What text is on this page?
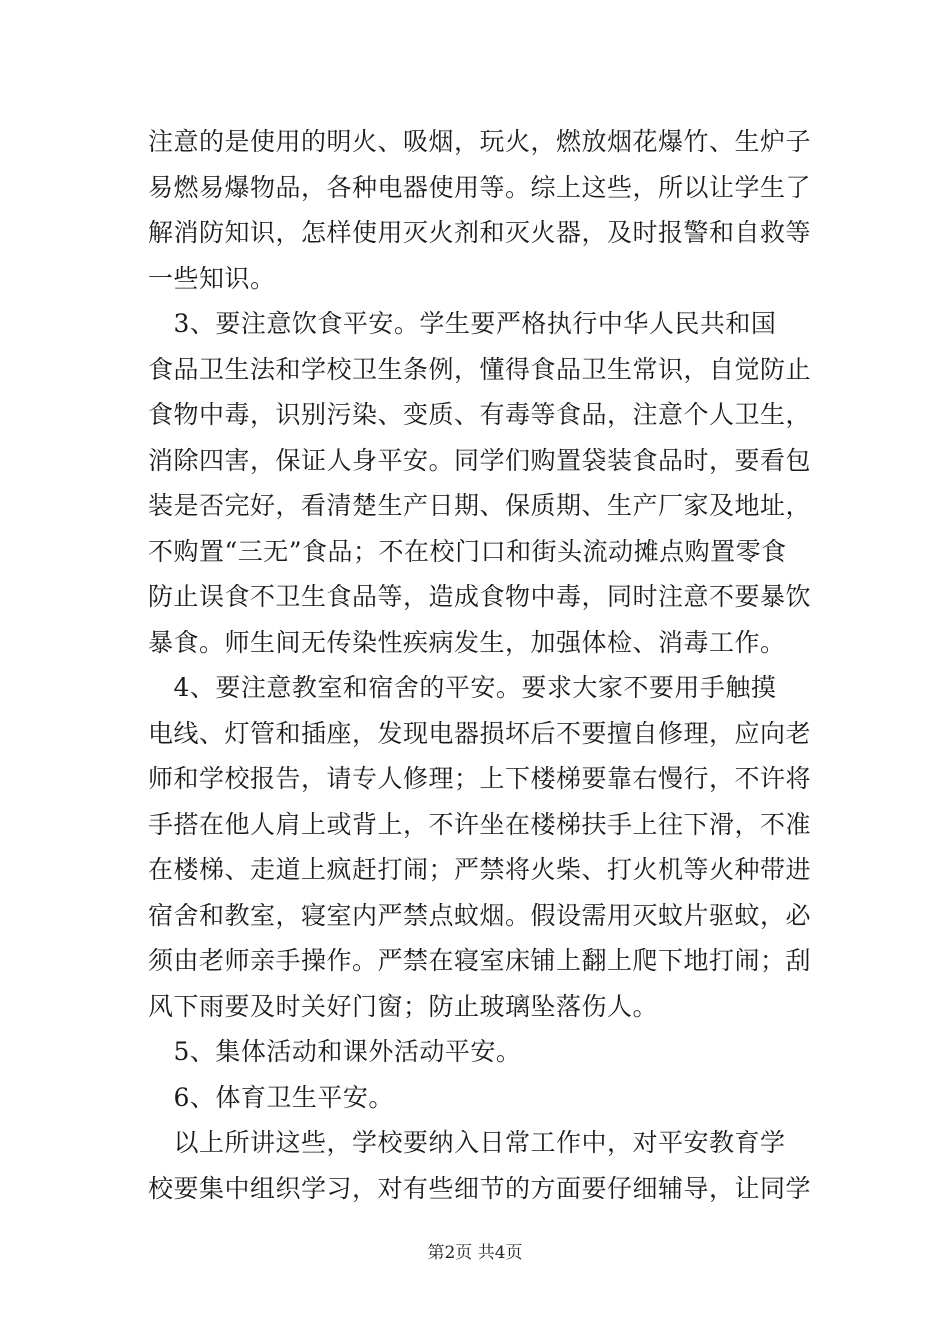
注意的是使用的明火、吸烟，玩火，燃放烟花爆竹、生炉子
易燃易爆物品，各种电器使用等。综上这些，所以让学生了
解消防知识，怎样使用灭火剂和灭火器，及时报警和自救等
一些知识。
　3、要注意饮食平安。学生要严格执行中华人民共和国
食品卫生法和学校卫生条例，懂得食品卫生常识，自觉防止
食物中毒，识别污染、变质、有毒等食品，注意个人卫生，
消除四害，保证人身平安。同学们购置袋装食品时，要看包
装是否完好，看清楚生产日期、保质期、生产厂家及地址，
不购置“三无”食品；不在校门口和街头流动摊点购置零食
防止误食不卫生食品等，造成食物中毒，同时注意不要暴饮
暴食。师生间无传染性疾病发生，加强体检、消毒工作。
　4、要注意教室和宿舍的平安。要求大家不要用手触摸
电线、灯管和插座，发现电器损坏后不要擅自修理，应向老
师和学校报告，请专人修理；上下楼梯要靠右慢行，不许将
手搭在他人肩上或背上，不许坐在楼梯扶手上往下滑，不准
在楼梯、走道上疯赶打闹；严禁将火柴、打火机等火种带进
宿舍和教室，寝室内严禁点蚊烟。假设需用灭蚊片驱蚊，必
须由老师亲手操作。严禁在寝室床铺上翻上爬下地打闹；刮
风下雨要及时关好门窗；防止玻璃坠落伤人。
　5、集体活动和课外活动平安。
　6、体育卫生平安。
　以上所讲这些，学校要纳入日常工作中，对平安教育学
校要集中组织学习，对有些细节的方面要仔细辅导，让同学
第2页 共4页
